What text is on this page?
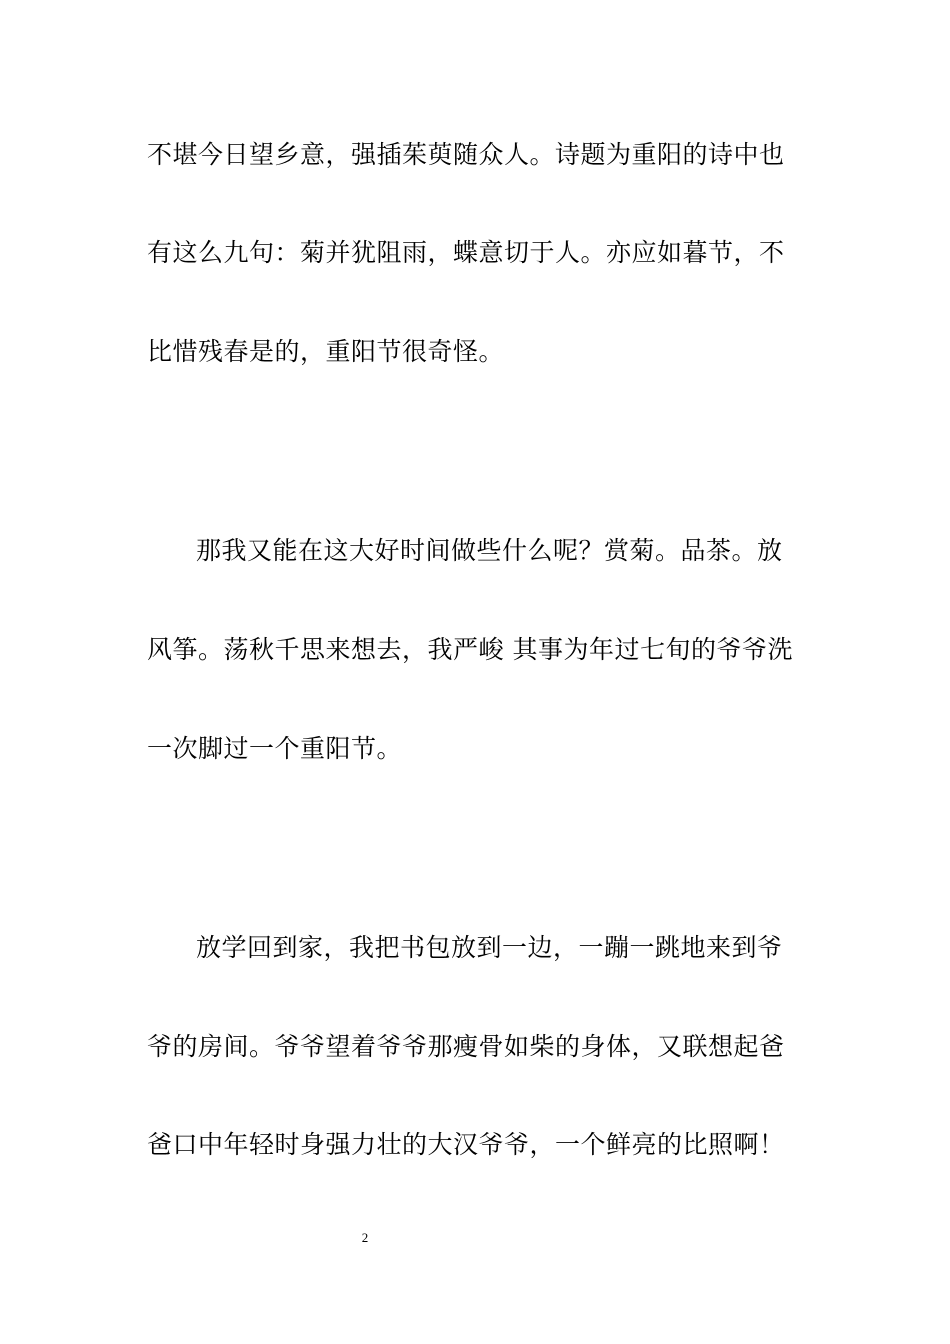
不堪今日望乡意，强插茱萸随众人。诗题为重阳的诗中也
有这么九句：菊并犹阻雨，蝶意切于人。亦应如暮节，不
比惜残春是的，重阳节很奇怪。
那我又能在这大好时间做些什么呢？赏菊。品茶。放
风筝。荡秋千思来想去，我严峻 其事为年过七旬的爷爷洗
一次脚过一个重阳节。
放学回到家，我把书包放到一边，一蹦一跳地来到爷
爷的房间。爷爷望着爷爷那瘦骨如柴的身体，又联想起爸
爸口中年轻时身强力壮的大汉爷爷，一个鲜亮的比照啊！
2
